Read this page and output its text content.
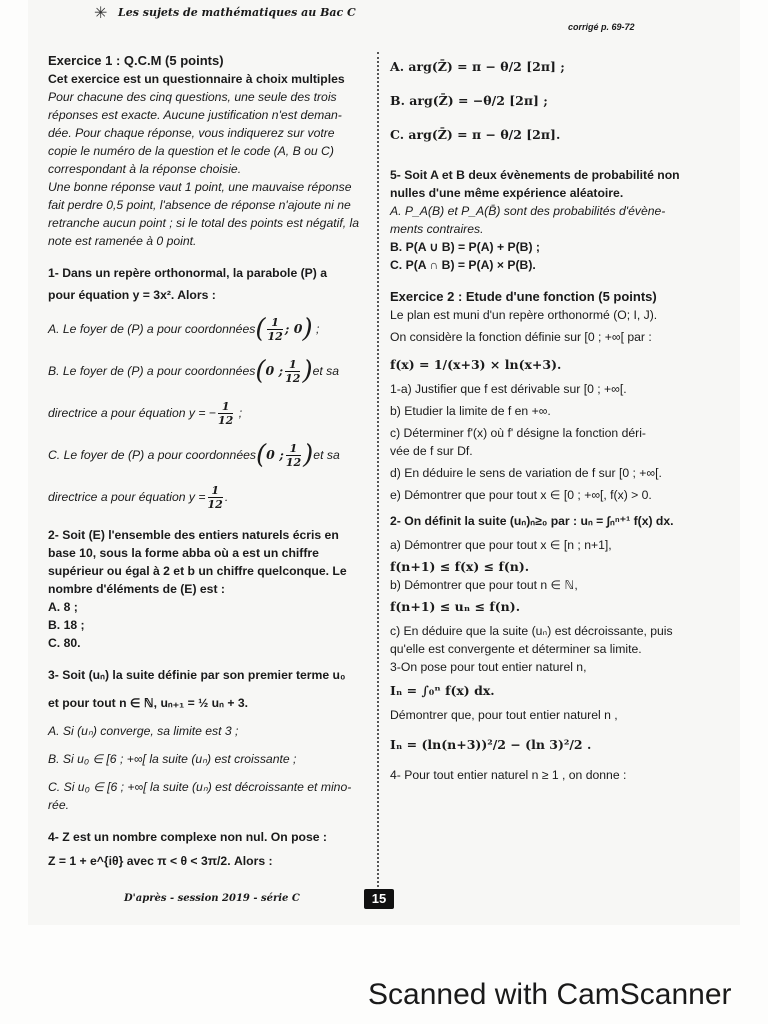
✳ Les sujets de mathématiques au Bac C
corrigé p. 69-72
Exercice 1 : Q.C.M (5 points)
Cet exercice est un questionnaire à choix multiples
Pour chacune des cinq questions, une seule des trois
réponses est exacte. Aucune justification n'est deman-
dée. Pour chaque réponse, vous indiquerez sur votre
copie le numéro de la question et le code (A, B ou C)
correspondant à la réponse choisie.
Une bonne réponse vaut 1 point, une mauvaise réponse
fait perdre 0,5 point, l'absence de réponse n'ajoute ni ne
retranche aucun point ; si le total des points est négatif, la
note est ramenée à 0 point.
1- Dans un repère orthonormal, la parabole (P) a
pour équation y = 3x². Alors :
A. Le foyer de (P) a pour coordonnées ( $\frac{1}{12}$ ; 0 ) ;
B. Le foyer de (P) a pour coordonnées ( 0 ; $\frac{1}{12}$ ) et sa
directrice a pour équation y = − $\frac{1}{12}$ ;
C. Le foyer de (P) a pour coordonnées ( 0 ; $\frac{1}{12}$ ) et sa
directrice a pour équation $y = \frac{1}{12}$ .
2- Soit (E) l'ensemble des entiers naturels écris en
base 10, sous la forme abba où a est un chiffre
supérieur ou égal à 2 et b un chiffre quelconque. Le
nombre d'éléments de (E) est :
A. 8 ;
B. 18 ;
C. 80.
3- Soit (uₙ) la suite définie par son premier terme u₀
et pour tout n ∈ ℕ, uₙ₊₁ = ½ uₙ + 3.
A. Si (uₙ) converge, sa limite est 3 ;
B. Si u₀ ∈ [6 ; +∞[ la suite (uₙ) est croissante ;
C. Si u₀ ∈ [6 ; +∞[ la suite (uₙ) est décroissante et mino-
rée.
4- Z est un nombre complexe non nul. On pose :
Z = 1 + e^{iθ} avec π < θ < 3π/2. Alors :
A. arg(Z̄) = π − θ/2 [2π] ;
B. arg(Z̄) = −θ/2 [2π] ;
C. arg(Z̄) = π − θ/2 [2π].
5- Soit A et B deux évènements de probabilité non
nulles d'une même expérience aléatoire.
A. P_A(B) et P_A(B̄) sont des probabilités d'évène-
ments contraires.
B. P(A ∪ B) = P(A) + P(B) ;
C. P(A ∩ B) = P(A) × P(B).
Exercice 2 : Etude d'une fonction (5 points)
Le plan est muni d'un repère orthonormé (O; I, J).
On considère la fonction définie sur [0 ; +∞[ par :
f(x) = 1/(x+3) × ln(x+3).
1-a) Justifier que f est dérivable sur [0 ; +∞[.
b) Etudier la limite de f en +∞.
c) Déterminer f'(x) où f' désigne la fonction déri-
vée de f sur Df.
d) En déduire le sens de variation de f sur [0 ; +∞[.
e) Démontrer que pour tout x ∈ [0 ; +∞[, f(x) > 0.
2- On définit la suite (uₙ)ₙ≥₀ par : uₙ = ∫ₙⁿ⁺¹ f(x) dx.
a) Démontrer que pour tout x ∈ [n ; n+1],
f(n+1) ≤ f(x) ≤ f(n).
b) Démontrer que pour tout n ∈ ℕ,
f(n+1) ≤ uₙ ≤ f(n).
c) En déduire que la suite (uₙ) est décroissante, puis
qu'elle est convergente et déterminer sa limite.
3-On pose pour tout entier naturel n,
Iₙ = ∫₀ⁿ f(x) dx.
Démontrer que, pour tout entier naturel n ,
Iₙ = (ln(n+3))²/2 − (ln 3)²/2 .
4- Pour tout entier naturel n ≥ 1 , on donne :
D'après - session 2019 - série C	15
Scanned with CamScanner
